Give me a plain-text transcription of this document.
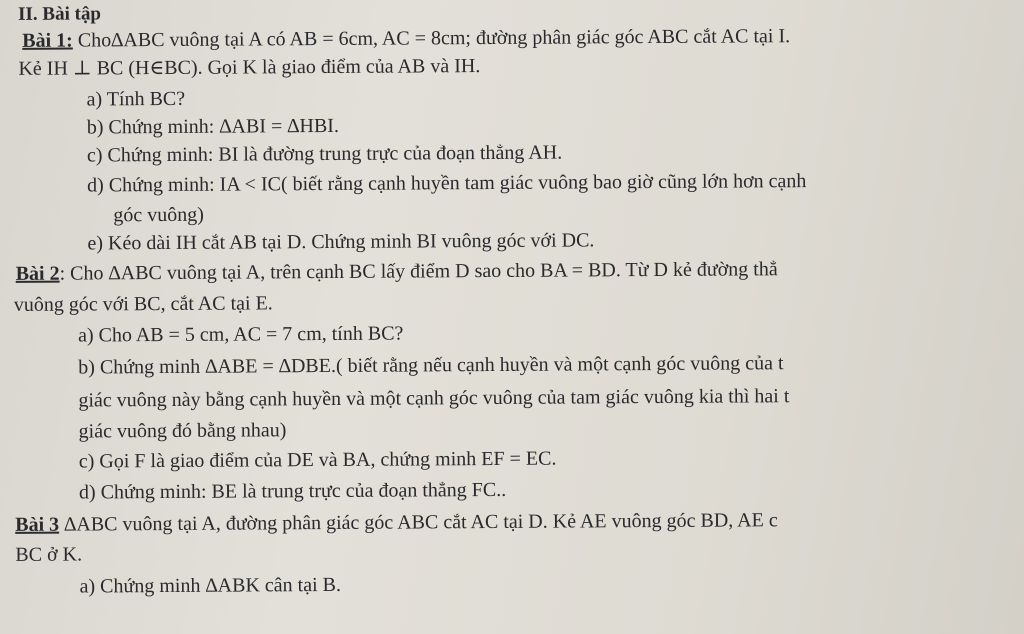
II. Bài tập
Bài 1: Cho∆ABC vuông tại A có AB = 6cm, AC = 8cm; đường phân giác góc ABC cắt AC tại I.
Kẻ IH ⊥ BC (H∈BC). Gọi K là giao điểm của AB và IH.
a) Tính BC?
b) Chứng minh: ∆ABI = ∆HBI.
c) Chứng minh: BI là đường trung trực của đoạn thẳng AH.
d) Chứng minh: IA < IC( biết rằng cạnh huyền tam giác vuông bao giờ cũng lớn hơn cạnh
góc vuông)
e) Kéo dài IH cắt AB tại D. Chứng minh BI vuông góc với DC.
Bài 2: Cho ∆ABC vuông tại A, trên cạnh BC lấy điểm D sao cho BA = BD. Từ D kẻ đường thẳ
vuông góc với BC, cắt AC tại E.
a) Cho AB = 5 cm, AC = 7 cm, tính BC?
b) Chứng minh ∆ABE = ∆DBE.( biết rằng nếu cạnh huyền và một cạnh góc vuông của t
giác vuông này bằng cạnh huyền và một cạnh góc vuông của tam giác vuông kia thì hai t
giác vuông đó bằng nhau)
c) Gọi F là giao điểm của DE và BA, chứng minh EF = EC.
d) Chứng minh: BE là trung trực của đoạn thẳng FC..
Bài 3 ∆ABC vuông tại A, đường phân giác góc ABC cắt AC tại D. Kẻ AE vuông góc BD, AE c
BC ở K.
a) Chứng minh ∆ABK cân tại B.
